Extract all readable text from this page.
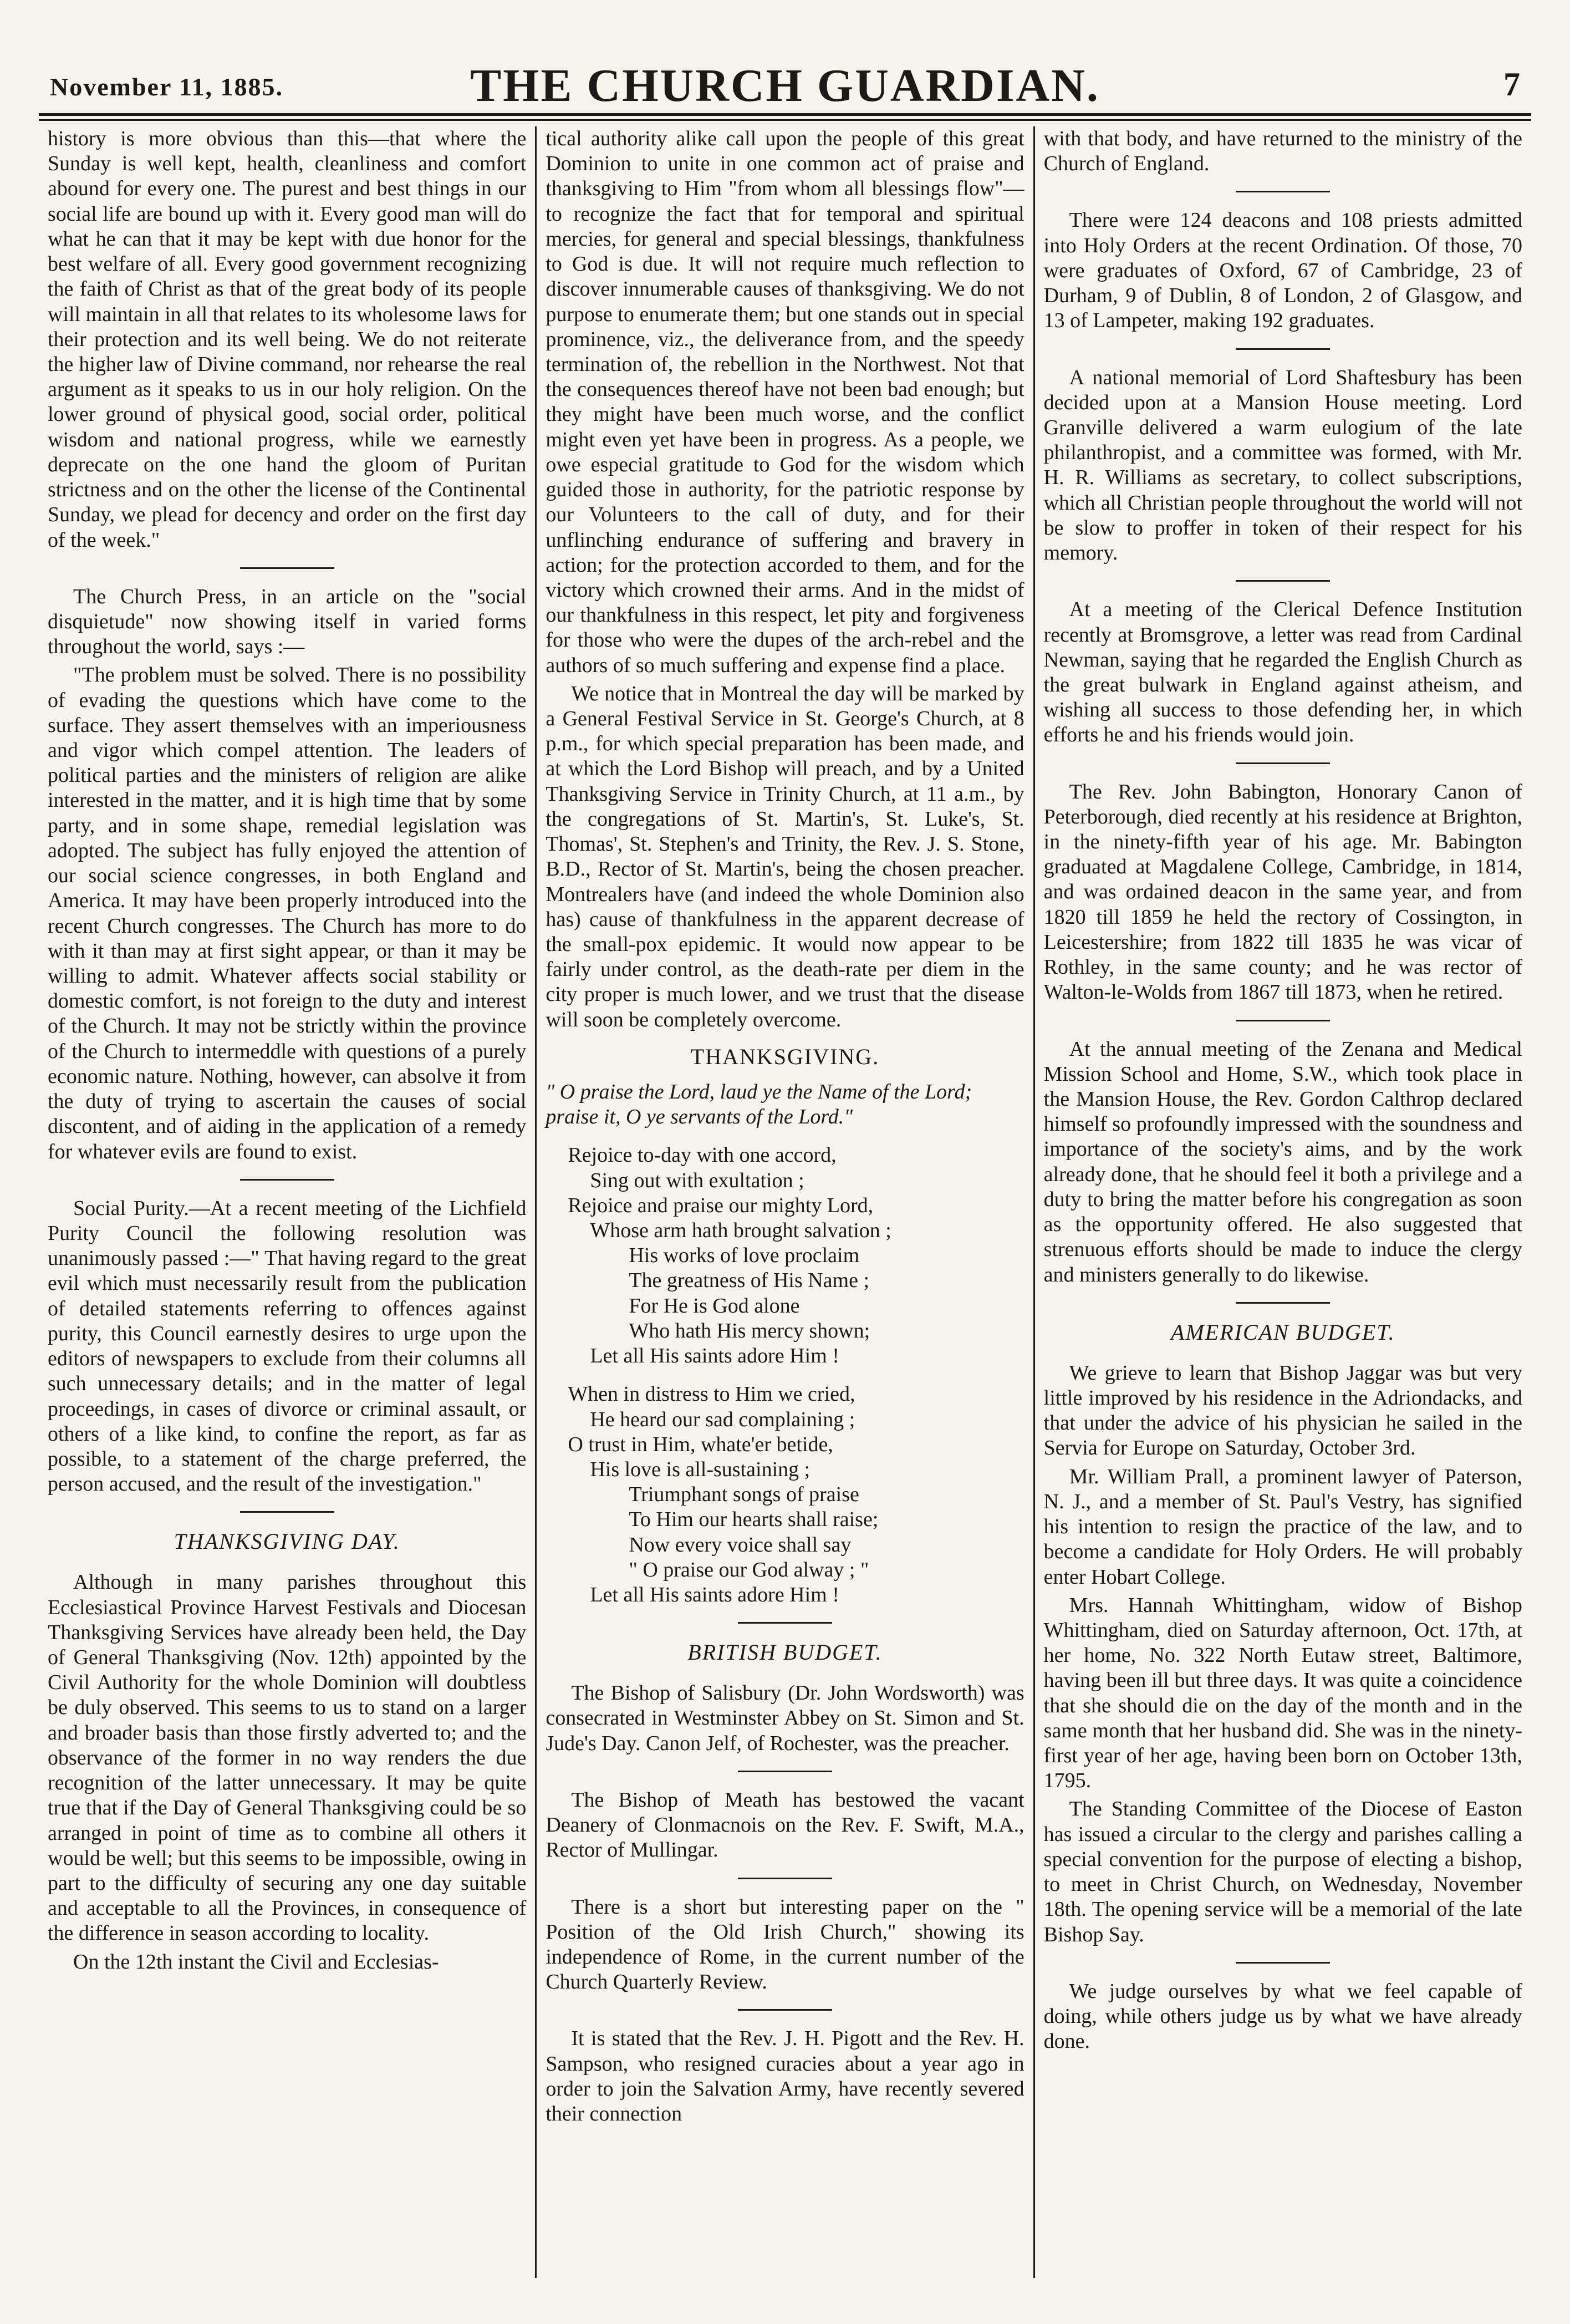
November 11, 1885.	THE CHURCH GUARDIAN.	7

history is more obvious than this—that where the Sunday is well kept, health, cleanliness and comfort abound for every one. The purest and best things in our social life are bound up with it. Every good man will do what he can that it may be kept with due honor for the best welfare of all. Every good government recognizing the faith of Christ as that of the great body of its people will maintain in all that relates to its wholesome laws for their protection and its well being. We do not reiterate the higher law of Divine command, nor rehearse the real argument as it speaks to us in our holy religion. On the lower ground of physical good, social order, political wisdom and national progress, while we earnestly deprecate on the one hand the gloom of Puritan strictness and on the other the license of the Continental Sunday, we plead for decency and order on the first day of the week."

The Church Press, in an article on the "social disquietude" now showing itself in varied forms throughout the world, says :—

"The problem must be solved. There is no possibility of evading the questions which have come to the surface. They assert themselves with an imperiousness and vigor which compel attention. The leaders of political parties and the ministers of religion are alike interested in the matter, and it is high time that by some party, and in some shape, remedial legislation was adopted. The subject has fully enjoyed the attention of our social science congresses, in both England and America. It may have been properly introduced into the recent Church congresses. The Church has more to do with it than may at first sight appear, or than it may be willing to admit. Whatever affects social stability or domestic comfort, is not foreign to the duty and interest of the Church. It may not be strictly within the province of the Church to intermeddle with questions of a purely economic nature. Nothing, however, can absolve it from the duty of trying to ascertain the causes of social discontent, and of aiding in the application of a remedy for whatever evils are found to exist.

Social Purity.—At a recent meeting of the Lichfield Purity Council the following resolution was unanimously passed :—" That having regard to the great evil which must necessarily result from the publication of detailed statements referring to offences against purity, this Council earnestly desires to urge upon the editors of newspapers to exclude from their columns all such unnecessary details; and in the matter of legal proceedings, in cases of divorce or criminal assault, or others of a like kind, to confine the report, as far as possible, to a statement of the charge preferred, the person accused, and the result of the investigation."

THANKSGIVING DAY.

Although in many parishes throughout this Ecclesiastical Province Harvest Festivals and Diocesan Thanksgiving Services have already been held, the Day of General Thanksgiving (Nov. 12th) appointed by the Civil Authority for the whole Dominion will doubtless be duly observed. This seems to us to stand on a larger and broader basis than those firstly adverted to; and the observance of the former in no way renders the due recognition of the latter unnecessary. It may be quite true that if the Day of General Thanksgiving could be so arranged in point of time as to combine all others it would be well; but this seems to be impossible, owing in part to the difficulty of securing any one day suitable and acceptable to all the Provinces, in consequence of the difference in season according to locality.

On the 12th instant the Civil and Ecclesias-

tical authority alike call upon the people of this great Dominion to unite in one common act of praise and thanksgiving to Him "from whom all blessings flow"—to recognize the fact that for temporal and spiritual mercies, for general and special blessings, thankfulness to God is due. It will not require much reflection to discover innumerable causes of thanksgiving. We do not purpose to enumerate them; but one stands out in special prominence, viz., the deliverance from, and the speedy termination of, the rebellion in the Northwest. Not that the consequences thereof have not been bad enough; but they might have been much worse, and the conflict might even yet have been in progress. As a people, we owe especial gratitude to God for the wisdom which guided those in authority, for the patriotic response by our Volunteers to the call of duty, and for their unflinching endurance of suffering and bravery in action; for the protection accorded to them, and for the victory which crowned their arms. And in the midst of our thankfulness in this respect, let pity and forgiveness for those who were the dupes of the arch-rebel and the authors of so much suffering and expense find a place.

We notice that in Montreal the day will be marked by a General Festival Service in St. George's Church, at 8 p.m., for which special preparation has been made, and at which the Lord Bishop will preach, and by a United Thanksgiving Service in Trinity Church, at 11 a.m., by the congregations of St. Martin's, St. Luke's, St. Thomas', St. Stephen's and Trinity, the Rev. J. S. Stone, B.D., Rector of St. Martin's, being the chosen preacher. Montrealers have (and indeed the whole Dominion also has) cause of thankfulness in the apparent decrease of the small-pox epidemic. It would now appear to be fairly under control, as the death-rate per diem in the city proper is much lower, and we trust that the disease will soon be completely overcome.

THANKSGIVING.
" O praise the Lord, laud ye the Name of the Lord; praise it, O ye servants of the Lord."
Rejoice to-day with one accord,
Sing out with exultation ;
Rejoice and praise our mighty Lord,
Whose arm hath brought salvation ;
His works of love proclaim
The greatness of His Name ;
For He is God alone
Who hath His mercy shown;
Let all His saints adore Him !
When in distress to Him we cried,
He heard our sad complaining ;
O trust in Him, whate'er betide,
His love is all-sustaining ;
Triumphant songs of praise
To Him our hearts shall raise;
Now every voice shall say
" O praise our God alway ; "
Let all His saints adore Him !
BRITISH BUDGET.

The Bishop of Salisbury (Dr. John Wordsworth) was consecrated in Westminster Abbey on St. Simon and St. Jude's Day. Canon Jelf, of Rochester, was the preacher.

The Bishop of Meath has bestowed the vacant Deanery of Clonmacnois on the Rev. F. Swift, M.A., Rector of Mullingar.

There is a short but interesting paper on the " Position of the Old Irish Church," showing its independence of Rome, in the current number of the Church Quarterly Review.

It is stated that the Rev. J. H. Pigott and the Rev. H. Sampson, who resigned curacies about a year ago in order to join the Salvation Army, have recently severed their connection

with that body, and have returned to the ministry of the Church of England.

There were 124 deacons and 108 priests admitted into Holy Orders at the recent Ordination. Of those, 70 were graduates of Oxford, 67 of Cambridge, 23 of Durham, 9 of Dublin, 8 of London, 2 of Glasgow, and 13 of Lampeter, making 192 graduates.

A national memorial of Lord Shaftesbury has been decided upon at a Mansion House meeting. Lord Granville delivered a warm eulogium of the late philanthropist, and a committee was formed, with Mr. H. R. Williams as secretary, to collect subscriptions, which all Christian people throughout the world will not be slow to proffer in token of their respect for his memory.

At a meeting of the Clerical Defence Institution recently at Bromsgrove, a letter was read from Cardinal Newman, saying that he regarded the English Church as the great bulwark in England against atheism, and wishing all success to those defending her, in which efforts he and his friends would join.

The Rev. John Babington, Honorary Canon of Peterborough, died recently at his residence at Brighton, in the ninety-fifth year of his age. Mr. Babington graduated at Magdalene College, Cambridge, in 1814, and was ordained deacon in the same year, and from 1820 till 1859 he held the rectory of Cossington, in Leicestershire; from 1822 till 1835 he was vicar of Rothley, in the same county; and he was rector of Walton-le-Wolds from 1867 till 1873, when he retired.

At the annual meeting of the Zenana and Medical Mission School and Home, S.W., which took place in the Mansion House, the Rev. Gordon Calthrop declared himself so profoundly impressed with the soundness and importance of the society's aims, and by the work already done, that he should feel it both a privilege and a duty to bring the matter before his congregation as soon as the opportunity offered. He also suggested that strenuous efforts should be made to induce the clergy and ministers generally to do likewise.

AMERICAN BUDGET.

We grieve to learn that Bishop Jaggar was but very little improved by his residence in the Adriondacks, and that under the advice of his physician he sailed in the Servia for Europe on Saturday, October 3rd.

Mr. William Prall, a prominent lawyer of Paterson, N. J., and a member of St. Paul's Vestry, has signified his intention to resign the practice of the law, and to become a candidate for Holy Orders. He will probably enter Hobart College.

Mrs. Hannah Whittingham, widow of Bishop Whittingham, died on Saturday afternoon, Oct. 17th, at her home, No. 322 North Eutaw street, Baltimore, having been ill but three days. It was quite a coincidence that she should die on the day of the month and in the same month that her husband did. She was in the ninety-first year of her age, having been born on October 13th, 1795.

The Standing Committee of the Diocese of Easton has issued a circular to the clergy and parishes calling a special convention for the purpose of electing a bishop, to meet in Christ Church, on Wednesday, November 18th. The opening service will be a memorial of the late Bishop Say.

We judge ourselves by what we feel capable of doing, while others judge us by what we have already done.
